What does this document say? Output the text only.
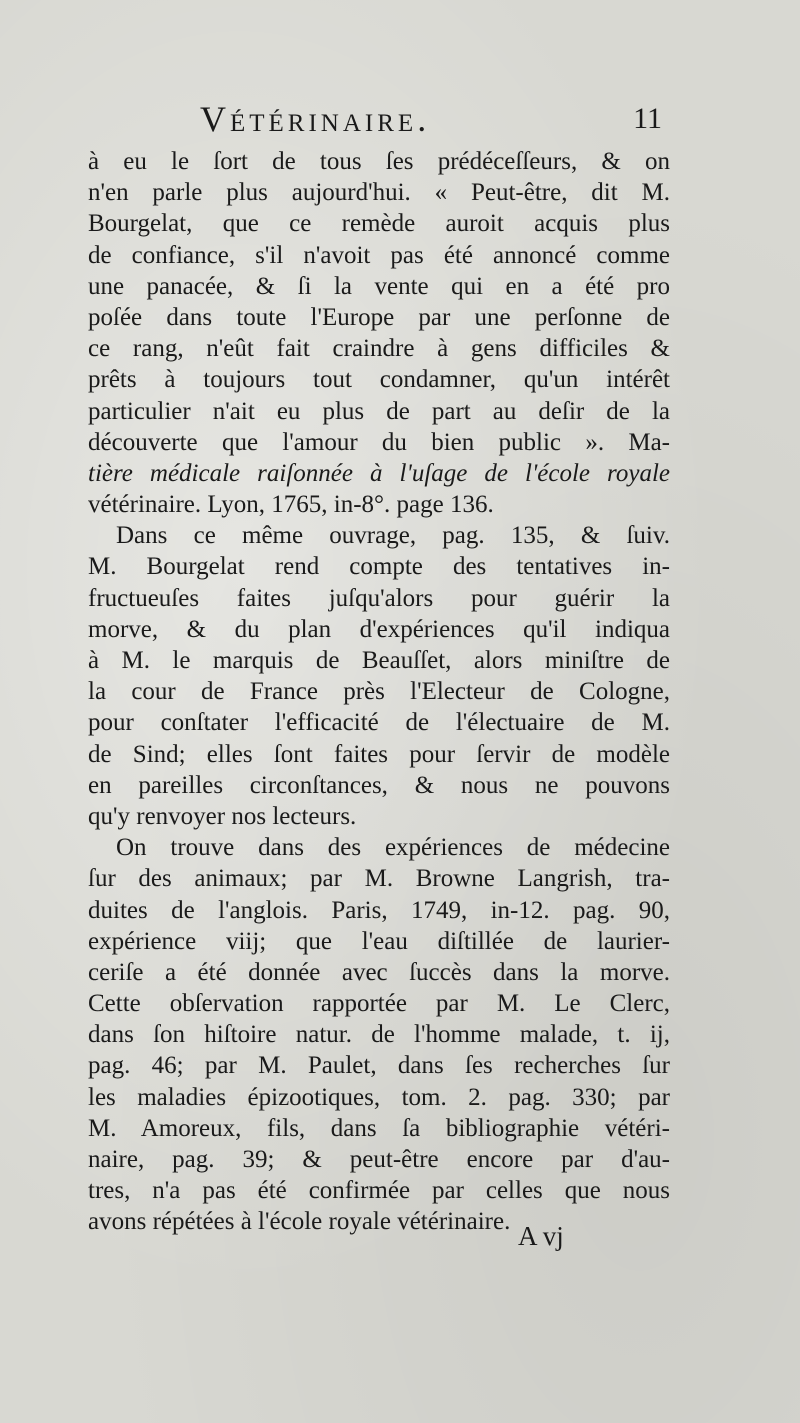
Vétérinaire.	11
à eu le ſort de tous ſes prédéceſſeurs, & on
n'en parle plus aujourd'hui. « Peut-être, dit M.
Bourgelat, que ce remède auroit acquis plus
de confiance, s'il n'avoit pas été annoncé comme
une panacée, & ſi la vente qui en a été pro
poſée dans toute l'Europe par une perſonne de
ce rang, n'eût fait craindre à gens difficiles &
prêts à toujours tout condamner, qu'un intérêt
particulier n'ait eu plus de part au deſir de la
découverte que l'amour du bien public ». Ma-
tière médicale raiſonnée à l'uſage de l'école royale
vétérinaire. Lyon, 1765, in-8°. page 136.
Dans ce même ouvrage, pag. 135, & ſuiv.
M. Bourgelat rend compte des tentatives in-
fructueuſes faites juſqu'alors pour guérir la
morve, & du plan d'expériences qu'il indiqua
à M. le marquis de Beauſſet, alors miniſtre de
la cour de France près l'Electeur de Cologne,
pour conſtater l'efficacité de l'électuaire de M.
de Sind; elles ſont faites pour ſervir de modèle
en pareilles circonſtances, & nous ne pouvons
qu'y renvoyer nos lecteurs.
On trouve dans des expériences de médecine
ſur des animaux; par M. Browne Langrish, tra-
duites de l'anglois. Paris, 1749, in-12. pag. 90,
expérience viij; que l'eau diſtillée de laurier-
ceriſe a été donnée avec ſuccès dans la morve.
Cette obſervation rapportée par M. Le Clerc,
dans ſon hiſtoire natur. de l'homme malade, t. ij,
pag. 46; par M. Paulet, dans ſes recherches ſur
les maladies épizootiques, tom. 2. pag. 330; par
M. Amoreux, fils, dans ſa bibliographie vétéri-
naire, pag. 39; & peut-être encore par d'au-
tres, n'a pas été confirmée par celles que nous
avons répétées à l'école royale vétérinaire. A vj
